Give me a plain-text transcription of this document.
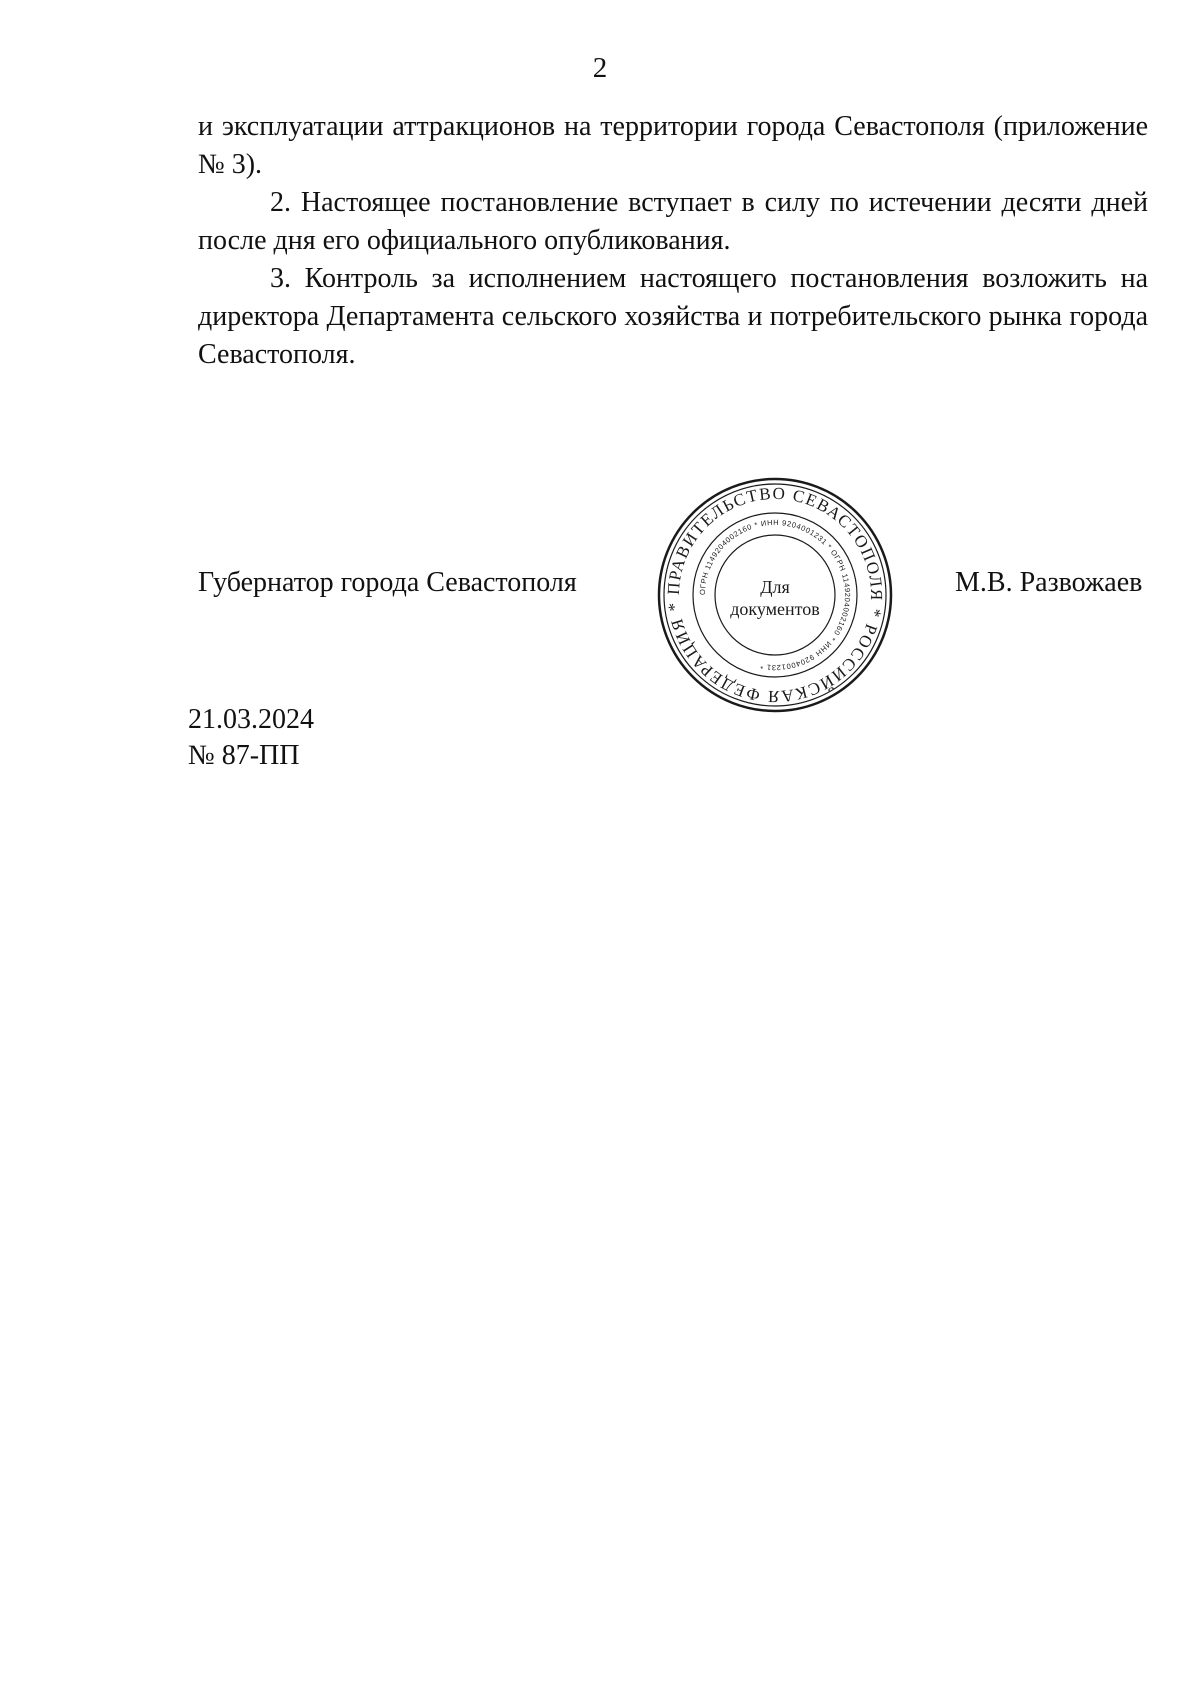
2

и эксплуатации аттракционов на территории города Севастополя (приложение № 3).

2. Настоящее постановление вступает в силу по истечении десяти дней после дня его официального опубликования.

3. Контроль за исполнением настоящего постановления возложить на директора Департамента сельского хозяйства и потребительского рынка города Севастополя.

Губернатор города Севастополя	ПРАВИТЕЛЬСТВО СЕВАСТОПОЛЯ * РОССИЙСКАЯ ФЕДЕРАЦИЯ *
ОГРН 1149204002160 * ИНН 9204001231 * ОГРН 1149204002160 * ИНН 9204001231 *
Для
документов
М.В. Развожаев
21.03.2024
№ 87-ПП
